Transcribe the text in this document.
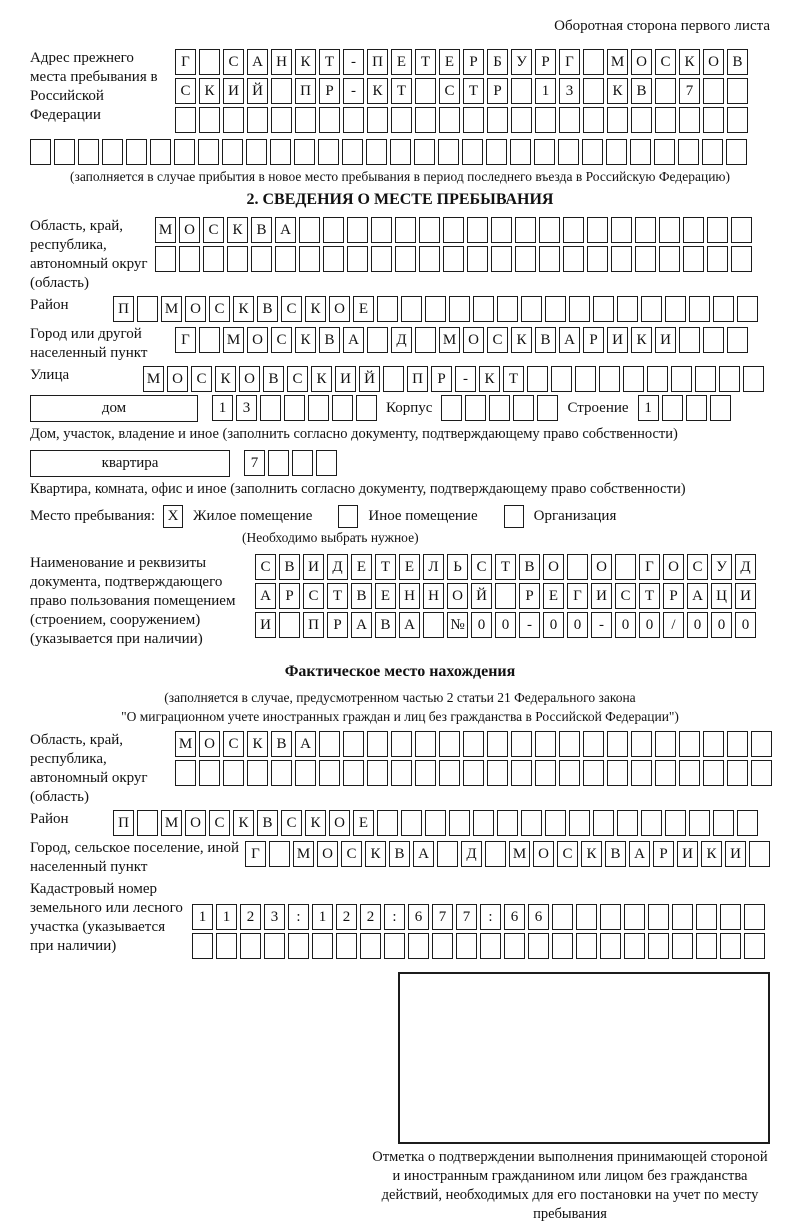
Оборотная сторона первого листа
Адрес прежнего места пребывания в Российской Федерации
Г	С А Н К Т	-	П Е Т Е	Р	Б У Р	Г	М О С К О В
С К И Й	П Р	-	К Т	С Т	Р	1	3	К В	7
(заполняется в случае прибытия в новое место пребывания в период последнего въезда в Российскую Федерацию)
2. СВЕДЕНИЯ О МЕСТЕ ПРЕБЫВАНИЯ
Область, край, республика, автономный округ (область)
М О С К В А
Район	П	М О С К В С К О Е
Город или другой населенный пункт
Г	М О С К В А	Д	М О С К В А Р И К И
Улица	М О С К О В С К И Й	П Р	-	К Т
дом	1	3	Корпус	Строение	1
Дом, участок, владение и иное (заполнить согласно документу, подтверждающему право собственности)
квартира	7
Квартира, комната, офис и иное (заполнить согласно документу, подтверждающему право собственности)
Место пребывания: Х Жилое помещение	Иное помещение	Организация
(Необходимо выбрать нужное)
Наименование и реквизиты документа, подтверждающего право пользования помещением (строением, сооружением) (указывается при наличии)
С В И Д Е Т Е Л Ь С Т В О	О	Г О С У Д
А Р С Т В Е Н Н О Й	Р	Е	Г И С Т	Р А Ц И
И	П Р А В А	№ 0	0	-	0	0	-	0	0	/	0	0	0
Фактическое место нахождения
(заполняется в случае, предусмотренном частью 2 статьи 21 Федерального закона
"О миграционном учете иностранных граждан и лиц без гражданства в Российской Федерации")
Область, край, республика, автономный округ (область)
М О С К В А
Район	П	М О С К В С К О Е
Город, сельское поселение, иной населенный пункт
Г	М О С К В А	Д	М О С К В А Р И К И
Кадастровый номер земельного или лесного участка (указывается при наличии)
1	1	2	3	:	1	2	2	:	6	7	7	:	6	6
Отметка о подтверждении выполнения принимающей стороной и иностранным гражданином или лицом без гражданства действий, необходимых для его постановки на учет по месту пребывания
